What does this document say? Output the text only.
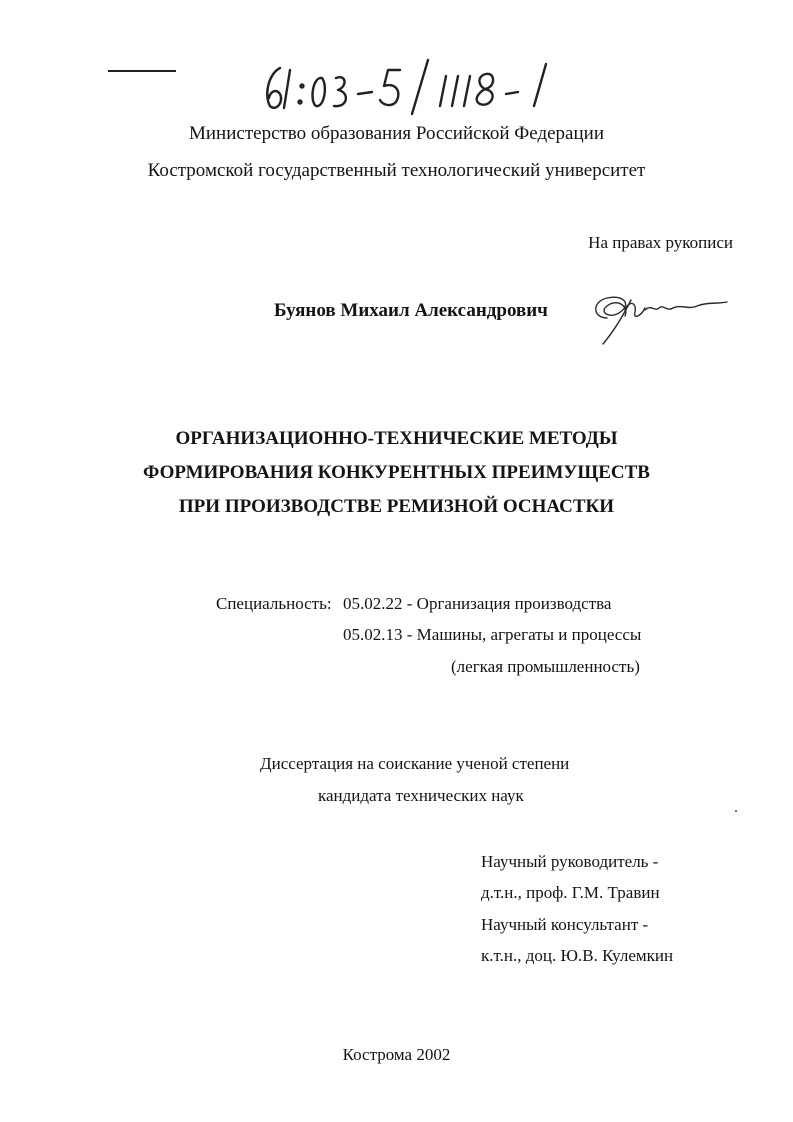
Министерство образования Российской Федерации
Костромской государственный технологический университет
На правах рукописи
Буянов Михаил Александрович
ОРГАНИЗАЦИОННО-ТЕХНИЧЕСКИЕ МЕТОДЫ
ФОРМИРОВАНИЯ КОНКУРЕНТНЫХ ПРЕИМУЩЕСТВ
ПРИ ПРОИЗВОДСТВЕ РЕМИЗНОЙ ОСНАСТКИ
Специальность: 05.02.22 - Организация производства
05.02.13 - Машины, агрегаты и процессы
(легкая промышленность)
Диссертация на соискание ученой степени
кандидата технических наук
Научный руководитель -
д.т.н., проф. Г.М. Травин
Научный консультант -
к.т.н., доц. Ю.В. Кулемкин
Кострома 2002
